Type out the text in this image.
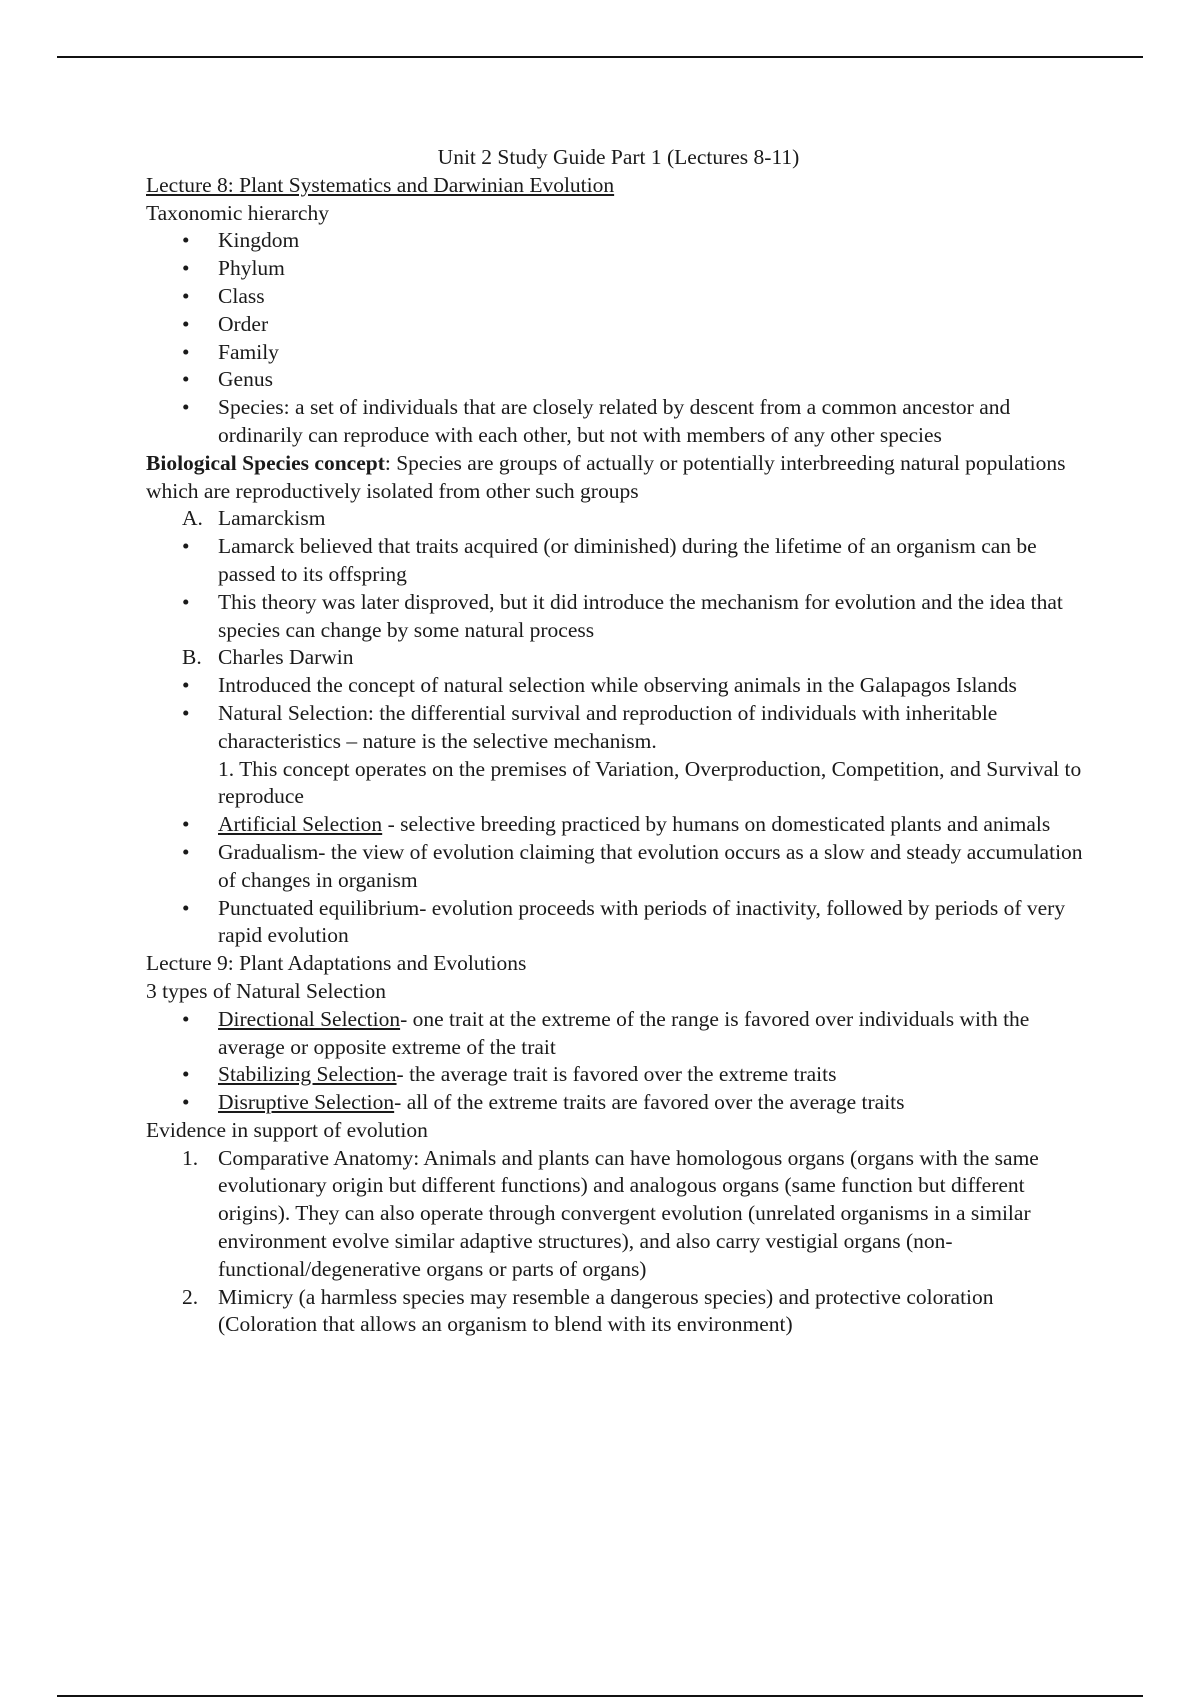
Unit 2 Study Guide Part 1 (Lectures 8-11)
Lecture 8: Plant Systematics and Darwinian Evolution
Taxonomic hierarchy
• Kingdom
• Phylum
• Class
• Order
• Family
• Genus
• Species: a set of individuals that are closely related by descent from a common ancestor and ordinarily can reproduce with each other, but not with members of any other species
Biological Species concept: Species are groups of actually or potentially interbreeding natural populations which are reproductively isolated from other such groups
A. Lamarckism
• Lamarck believed that traits acquired (or diminished) during the lifetime of an organism can be passed to its offspring
• This theory was later disproved, but it did introduce the mechanism for evolution and the idea that species can change by some natural process
B. Charles Darwin
• Introduced the concept of natural selection while observing animals in the Galapagos Islands
• Natural Selection: the differential survival and reproduction of individuals with inheritable characteristics – nature is the selective mechanism.
1. This concept operates on the premises of Variation, Overproduction, Competition, and Survival to reproduce
• Artificial Selection - selective breeding practiced by humans on domesticated plants and animals
• Gradualism- the view of evolution claiming that evolution occurs as a slow and steady accumulation of changes in organism
• Punctuated equilibrium- evolution proceeds with periods of inactivity, followed by periods of very rapid evolution
Lecture 9: Plant Adaptations and Evolutions
3 types of Natural Selection
• Directional Selection- one trait at the extreme of the range is favored over individuals with the average or opposite extreme of the trait
• Stabilizing Selection- the average trait is favored over the extreme traits
• Disruptive Selection- all of the extreme traits are favored over the average traits
Evidence in support of evolution
1. Comparative Anatomy: Animals and plants can have homologous organs (organs with the same evolutionary origin but different functions) and analogous organs (same function but different origins). They can also operate through convergent evolution (unrelated organisms in a similar environment evolve similar adaptive structures), and also carry vestigial organs (non-functional/degenerative organs or parts of organs)
2. Mimicry (a harmless species may resemble a dangerous species) and protective coloration (Coloration that allows an organism to blend with its environment)
